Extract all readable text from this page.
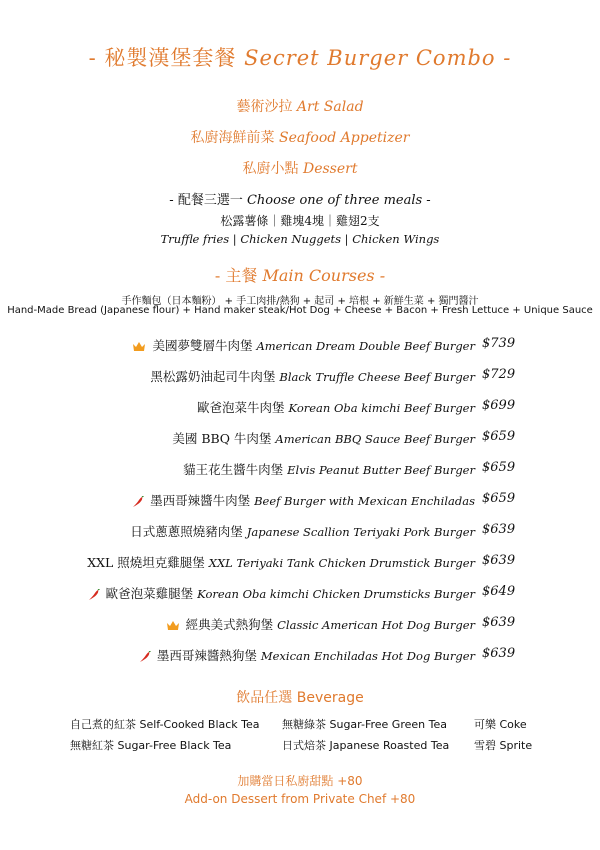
- 秘製漢堡套餐 Secret Burger Combo -
藝術沙拉 Art Salad
私廚海鮮前菜 Seafood Appetizer
私廚小點 Dessert
- 配餐三選一 Choose one of three meals -
松露薯條｜雞塊4塊｜雞翅2支
Truffle fries | Chicken Nuggets | Chicken Wings
- 主餐 Main Courses -
手作麵包（日本麵粉） + 手工肉排/熱狗 + 起司 + 培根 + 新鮮生菜 + 獨門醬汁
Hand-Made Bread (Japanese flour) + Hand maker steak/Hot Dog + Cheese + Bacon + Fresh Lettuce + Unique Sauce
美國夢雙層牛肉堡 American Dream Double Beef Burger $739
黑松露奶油起司牛肉堡 Black Truffle Cheese Beef Burger $729
歐爸泡菜牛肉堡 Korean Oba kimchi Beef Burger $699
美國 BBQ 牛肉堡 American BBQ Sauce Beef Burger $659
貓王花生醬牛肉堡 Elvis Peanut Butter Beef Burger $659
墨西哥辣醬牛肉堡 Beef Burger with Mexican Enchiladas $659
日式蔥蔥照燒豬肉堡 Japanese Scallion Teriyaki Pork Burger $639
XXL 照燒坦克雞腿堡 XXL Teriyaki Tank Chicken Drumstick Burger $639
歐爸泡菜雞腿堡 Korean Oba kimchi Chicken Drumsticks Burger $649
經典美式熱狗堡 Classic American Hot Dog Burger $639
墨西哥辣醬熱狗堡 Mexican Enchiladas Hot Dog Burger $639
飲品任選 Beverage
自己煮的紅茶 Self-Cooked Black Tea 無糖綠茶 Sugar-Free Green Tea 可樂 Coke
無糖紅茶 Sugar-Free Black Tea	日式焙茶 Japanese Roasted Tea 雪碧 Sprite
加購當日私廚甜點 +80
Add-on Dessert from Private Chef +80
